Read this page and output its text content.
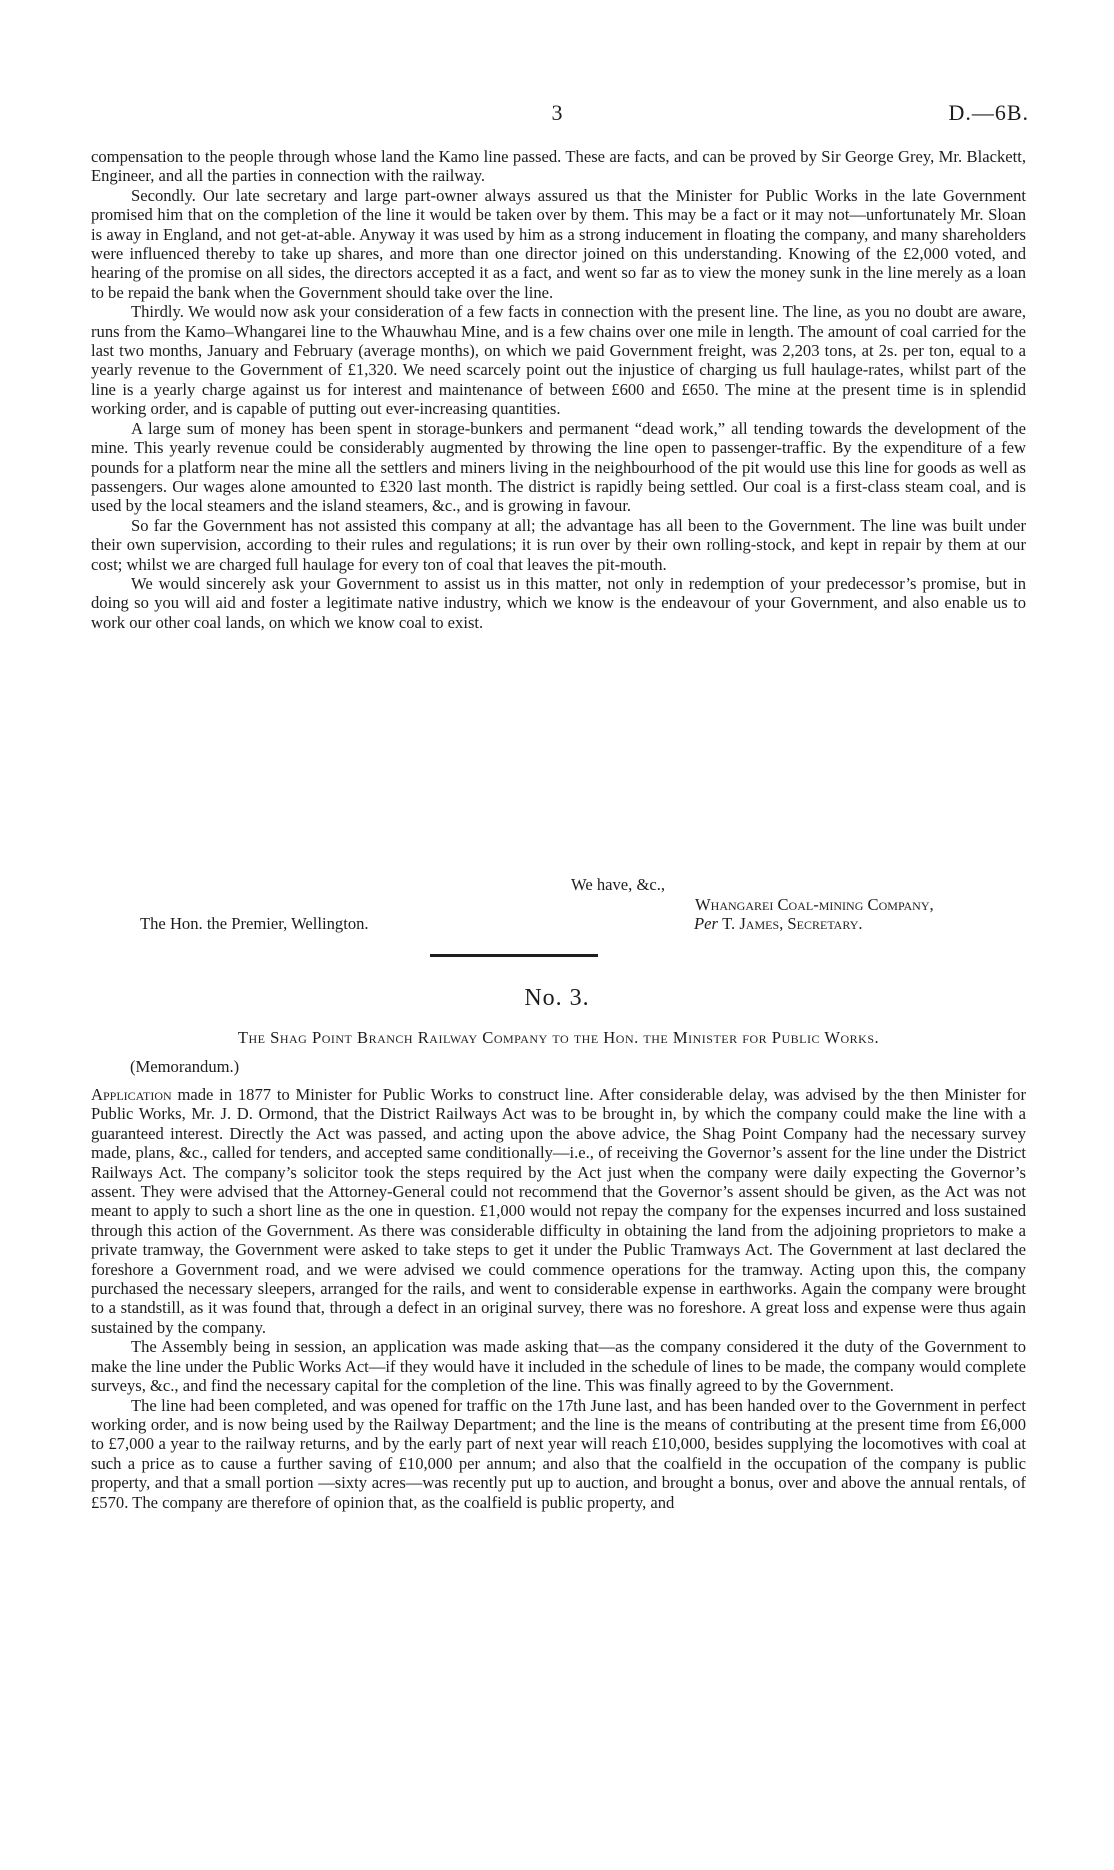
3	D.—6B.

compensation to the people through whose land the Kamo line passed. These are facts, and can be proved by Sir George Grey, Mr. Blackett, Engineer, and all the parties in connection with the railway.

Secondly. Our late secretary and large part-owner always assured us that the Minister for Public Works in the late Government promised him that on the completion of the line it would be taken over by them. This may be a fact or it may not—unfortunately Mr. Sloan is away in England, and not get-at-able. Anyway it was used by him as a strong inducement in floating the company, and many shareholders were influenced thereby to take up shares, and more than one director joined on this understanding. Knowing of the £2,000 voted, and hearing of the promise on all sides, the directors accepted it as a fact, and went so far as to view the money sunk in the line merely as a loan to be repaid the bank when the Government should take over the line.

Thirdly. We would now ask your consideration of a few facts in connection with the present line. The line, as you no doubt are aware, runs from the Kamo–Whangarei line to the Whauwhau Mine, and is a few chains over one mile in length. The amount of coal carried for the last two months, January and February (average months), on which we paid Government freight, was 2,203 tons, at 2s. per ton, equal to a yearly revenue to the Government of £1,320. We need scarcely point out the injustice of charging us full haulage-rates, whilst part of the line is a yearly charge against us for interest and maintenance of between £600 and £650. The mine at the present time is in splendid working order, and is capable of putting out ever-increasing quantities.

A large sum of money has been spent in storage-bunkers and permanent “dead work,” all tending towards the development of the mine. This yearly revenue could be considerably augmented by throwing the line open to passenger-traffic. By the expenditure of a few pounds for a platform near the mine all the settlers and miners living in the neighbourhood of the pit would use this line for goods as well as passengers. Our wages alone amounted to £320 last month. The district is rapidly being settled. Our coal is a first-class steam coal, and is used by the local steamers and the island steamers, &c., and is growing in favour.

So far the Government has not assisted this company at all; the advantage has all been to the Government. The line was built under their own supervision, according to their rules and regulations; it is run over by their own rolling-stock, and kept in repair by them at our cost; whilst we are charged full haulage for every ton of coal that leaves the pit-mouth.

We would sincerely ask your Government to assist us in this matter, not only in redemption of your predecessor’s promise, but in doing so you will aid and foster a legitimate native industry, which we know is the endeavour of your Government, and also enable us to work our other coal lands, on which we know coal to exist.

We have, &c.,
Whangarei Coal-mining Company,
The Hon. the Premier, Wellington.	Per T. James, Secretary.
No. 3.
The Shag Point Branch Railway Company to the Hon. the Minister for Public Works.
(Memorandum.)

Application made in 1877 to Minister for Public Works to construct line. After considerable delay, was advised by the then Minister for Public Works, Mr. J. D. Ormond, that the District Railways Act was to be brought in, by which the company could make the line with a guaranteed interest. Directly the Act was passed, and acting upon the above advice, the Shag Point Company had the necessary survey made, plans, &c., called for tenders, and accepted same conditionally—i.e., of receiving the Governor’s assent for the line under the District Railways Act. The company’s solicitor took the steps required by the Act just when the company were daily expecting the Governor’s assent. They were advised that the Attorney-General could not recommend that the Governor’s assent should be given, as the Act was not meant to apply to such a short line as the one in question. £1,000 would not repay the company for the expenses incurred and loss sustained through this action of the Government. As there was considerable difficulty in obtaining the land from the adjoining proprietors to make a private tramway, the Government were asked to take steps to get it under the Public Tramways Act. The Government at last declared the foreshore a Government road, and we were advised we could commence operations for the tramway. Acting upon this, the company purchased the necessary sleepers, arranged for the rails, and went to considerable expense in earthworks. Again the company were brought to a standstill, as it was found that, through a defect in an original survey, there was no foreshore. A great loss and expense were thus again sustained by the company.

The Assembly being in session, an application was made asking that—as the company considered it the duty of the Government to make the line under the Public Works Act—if they would have it included in the schedule of lines to be made, the company would complete surveys, &c., and find the necessary capital for the completion of the line. This was finally agreed to by the Government.

The line had been completed, and was opened for traffic on the 17th June last, and has been handed over to the Government in perfect working order, and is now being used by the Railway Department; and the line is the means of contributing at the present time from £6,000 to £7,000 a year to the railway returns, and by the early part of next year will reach £10,000, besides supplying the locomotives with coal at such a price as to cause a further saving of £10,000 per annum; and also that the coalfield in the occupation of the company is public property, and that a small portion —sixty acres—was recently put up to auction, and brought a bonus, over and above the annual rentals, of £570. The company are therefore of opinion that, as the coalfield is public property, and
